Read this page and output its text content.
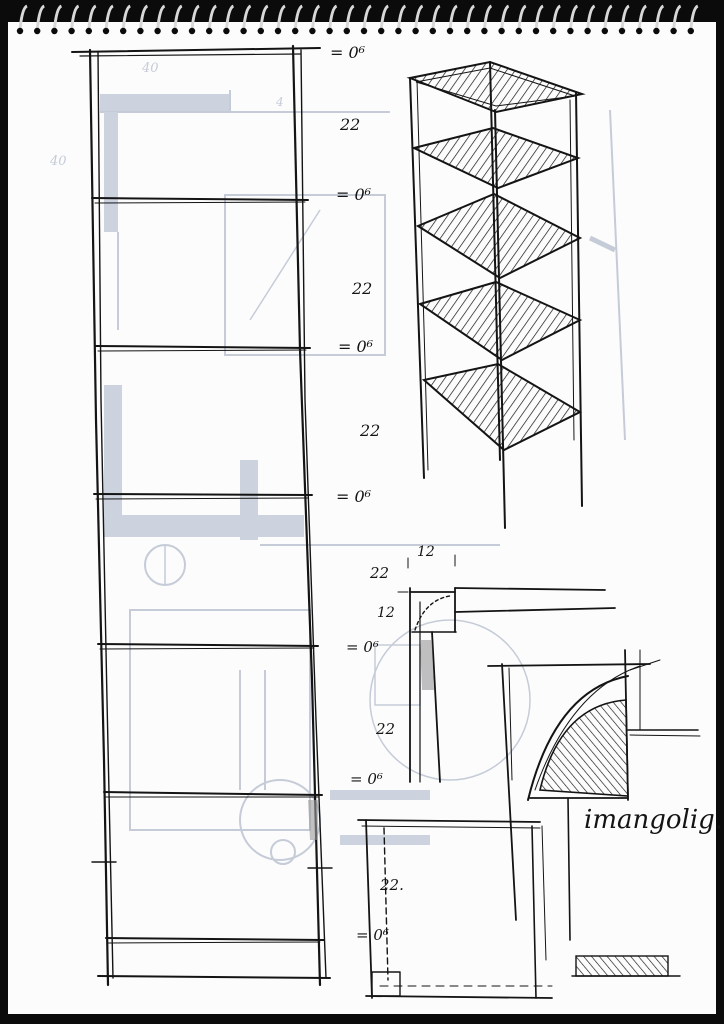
40
40
4
= 0⁶
22
= 0⁶
22
= 0⁶
22
= 0⁶
22
= 0⁶
22
= 0⁶
22.
= 0⁶
12
12
imangolig.
